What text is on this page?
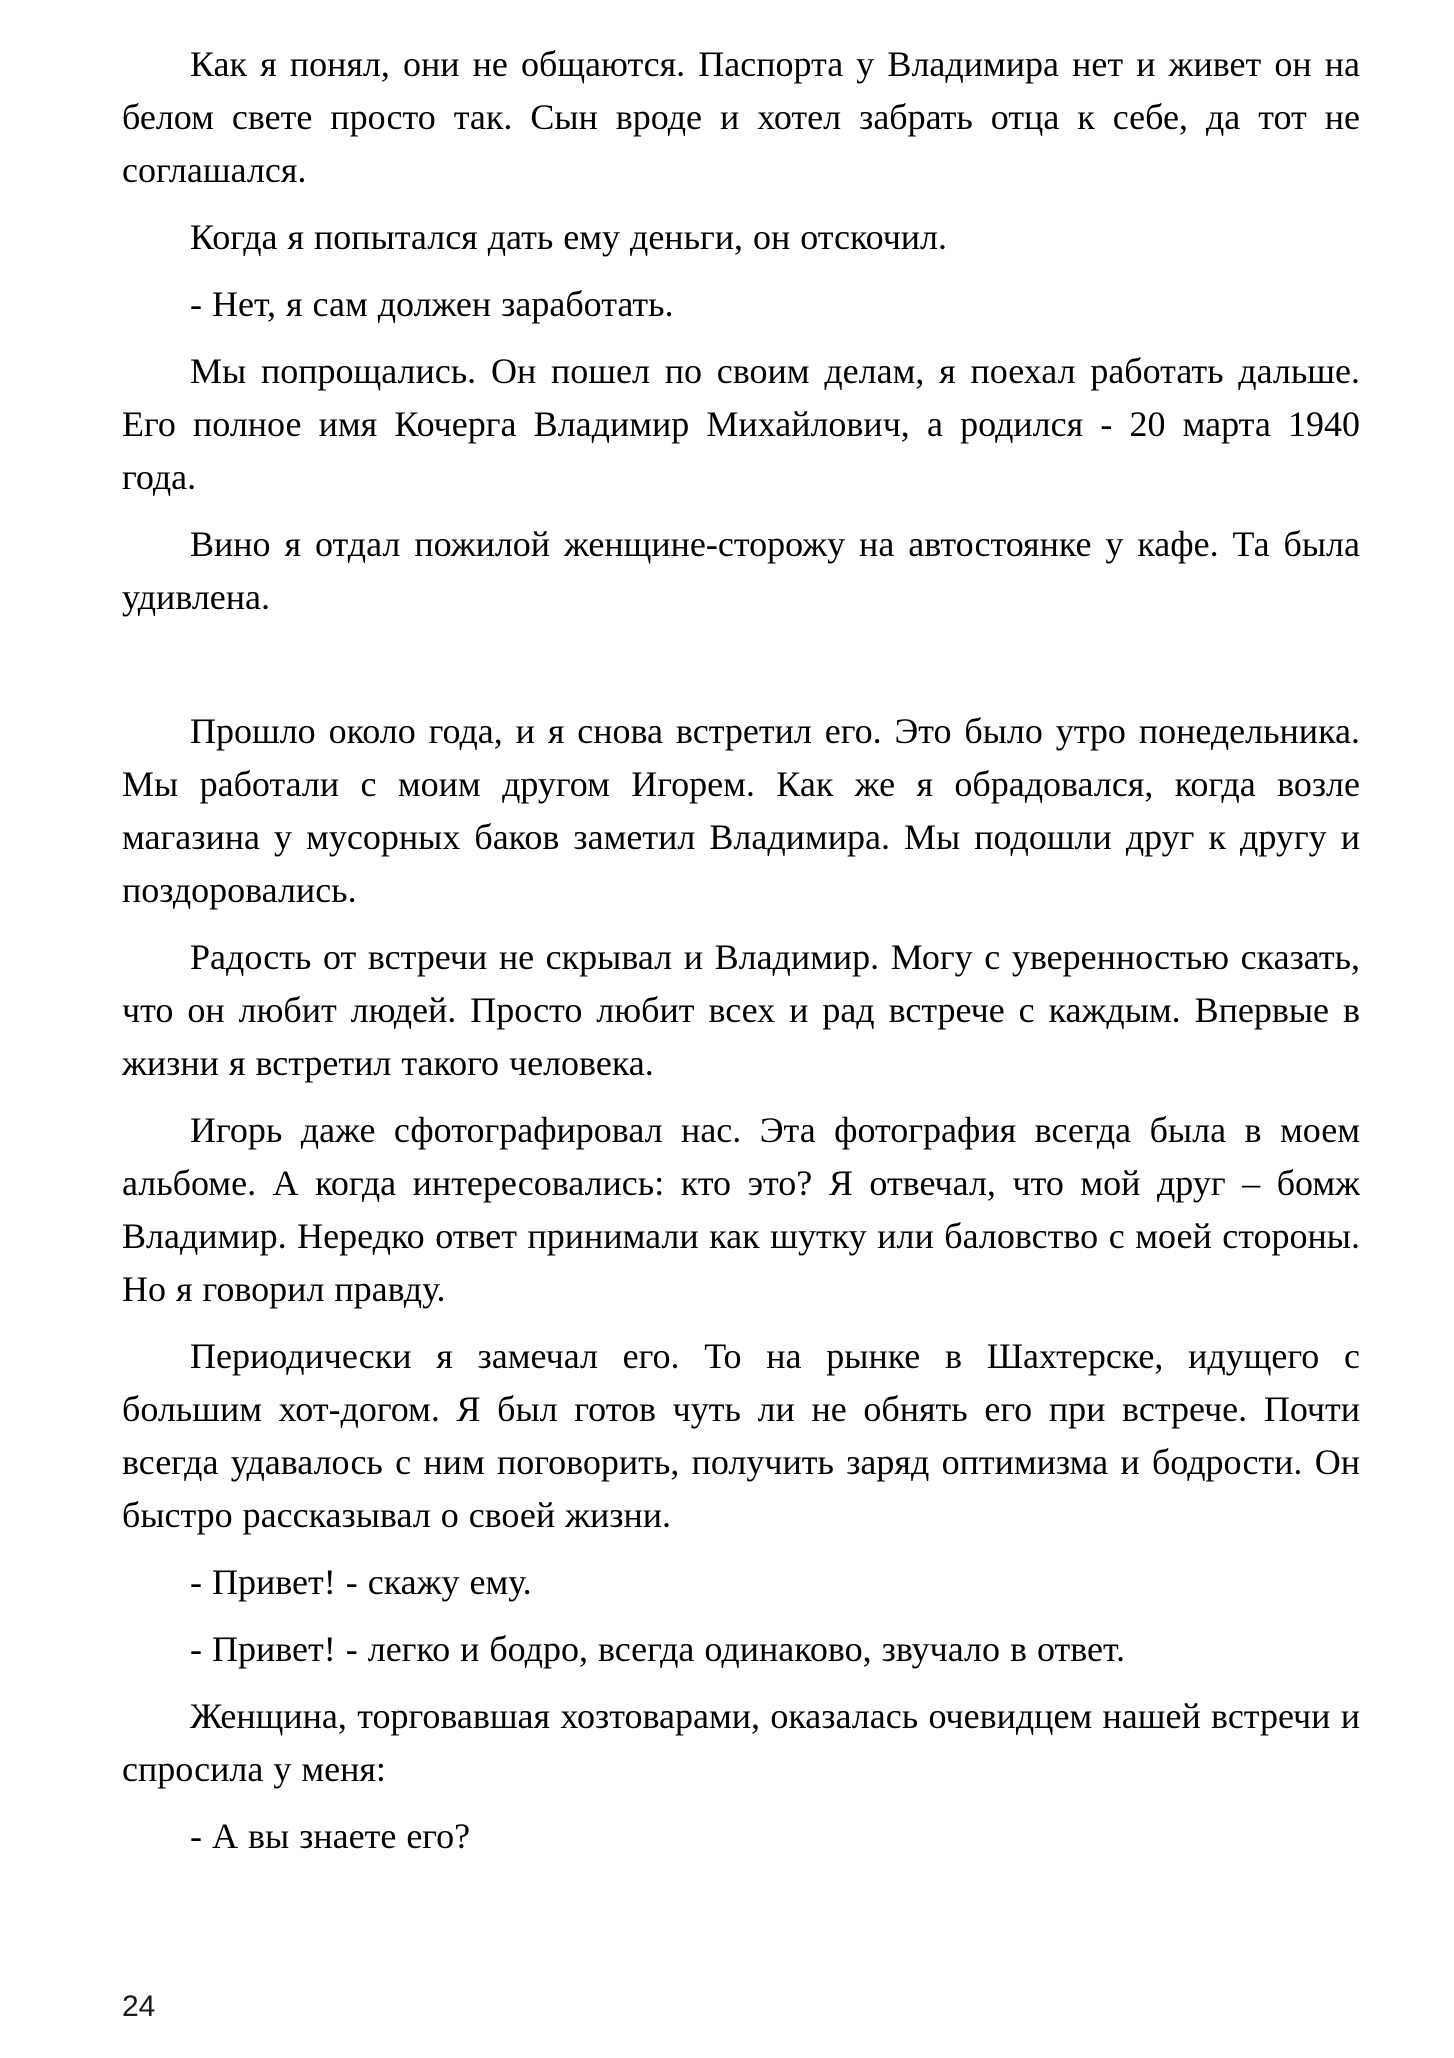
Как я понял, они не общаются. Паспорта у Владимира нет и живет он на белом свете просто так. Сын вроде и хотел забрать отца к себе, да тот не соглашался.

Когда я попытался дать ему деньги, он отскочил.

- Нет, я сам должен заработать.

Мы попрощались. Он пошел по своим делам, я поехал работать дальше. Его полное имя Кочерга Владимир Михайлович, а родился - 20 марта 1940 года.

Вино я отдал пожилой женщине-сторожу на автостоянке у кафе. Та была удивлена.

Прошло около года, и я снова встретил его. Это было утро понедельника. Мы работали с моим другом Игорем. Как же я обрадовался, когда возле магазина у мусорных баков заметил Владимира. Мы подошли друг к другу и поздоровались.

Радость от встречи не скрывал и Владимир. Могу с уверенностью сказать, что он любит людей. Просто любит всех и рад встрече с каждым. Впервые в жизни я встретил такого человека.

Игорь даже сфотографировал нас. Эта фотография всегда была в моем альбоме. А когда интересовались: кто это? Я отвечал, что мой друг – бомж Владимир. Нередко ответ принимали как шутку или баловство с моей стороны. Но я говорил правду.

Периодически я замечал его. То на рынке в Шахтерске, идущего с большим хот-догом. Я был готов чуть ли не обнять его при встрече. Почти всегда удавалось с ним поговорить, получить заряд оптимизма и бодрости. Он быстро рассказывал о своей жизни.

- Привет! - скажу ему.

- Привет! - легко и бодро, всегда одинаково, звучало в ответ.

Женщина, торговавшая хозтоварами, оказалась очевидцем нашей встречи и спросила у меня:

- А вы знаете его?

24
